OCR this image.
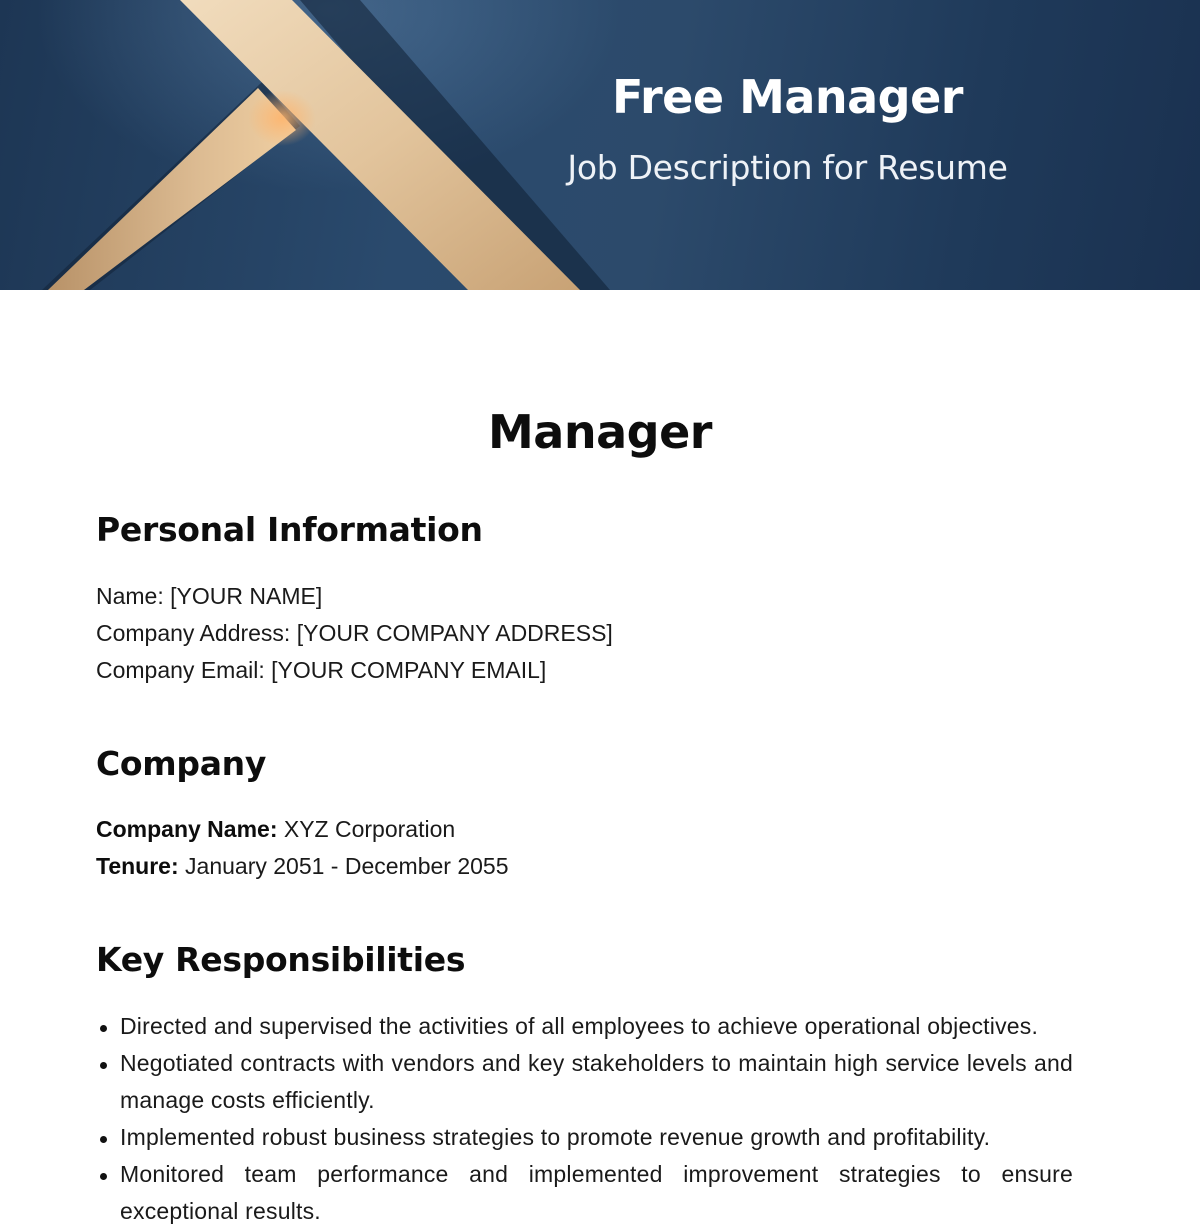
Free Manager
Job Description for Resume
Manager
Personal Information
Name: [YOUR NAME]
Company Address: [YOUR COMPANY ADDRESS]
Company Email: [YOUR COMPANY EMAIL]
Company
Company Name: XYZ Corporation
Tenure: January 2051 - December 2055
Key Responsibilities
Directed and supervised the activities of all employees to achieve operational objectives.
Negotiated contracts with vendors and key stakeholders to maintain high service levels and manage costs efficiently.
Implemented robust business strategies to promote revenue growth and profitability.
Monitored team performance and implemented improvement strategies to ensure exceptional results.
